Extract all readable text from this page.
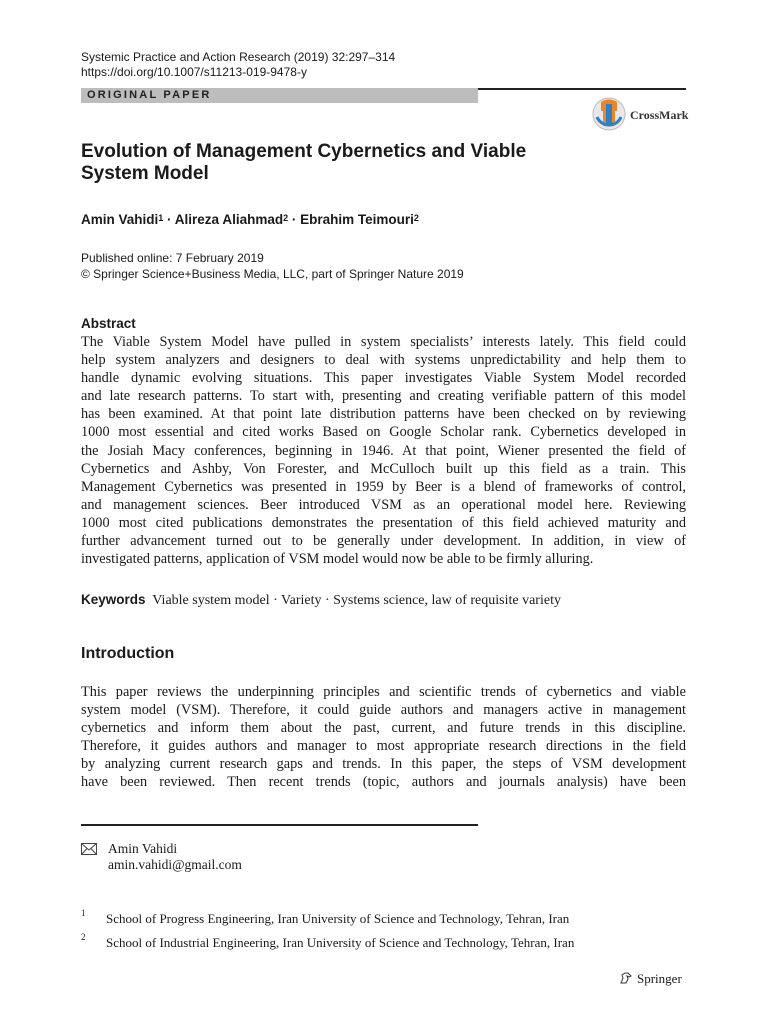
Systemic Practice and Action Research (2019) 32:297–314
https://doi.org/10.1007/s11213-019-9478-y
ORIGINAL PAPER
CrossMark
Evolution of Management Cybernetics and Viable
System Model
Amin Vahidi$^1$ · Alireza Aliahmad$^2$ · Ebrahim Teimouri$^2$
Published online: 7 February 2019
© Springer Science+Business Media, LLC, part of Springer Nature 2019
Abstract
The Viable System Model have pulled in system specialists’ interests lately. This field could
help system analyzers and designers to deal with systems unpredictability and help them to
handle dynamic evolving situations. This paper investigates Viable System Model recorded
and late research patterns. To start with, presenting and creating verifiable pattern of this model
has been examined. At that point late distribution patterns have been checked on by reviewing
1000 most essential and cited works Based on Google Scholar rank. Cybernetics developed in
the Josiah Macy conferences, beginning in 1946. At that point, Wiener presented the field of
Cybernetics and Ashby, Von Forester, and McCulloch built up this field as a train. This
Management Cybernetics was presented in 1959 by Beer is a blend of frameworks of control,
and management sciences. Beer introduced VSM as an operational model here. Reviewing
1000 most cited publications demonstrates the presentation of this field achieved maturity and
further advancement turned out to be generally under development. In addition, in view of
investigated patterns, application of VSM model would now be able to be firmly alluring.
Keywords Viable system model · Variety · Systems science, law of requisite variety
Introduction
This paper reviews the underpinning principles and scientific trends of cybernetics and viable
system model (VSM). Therefore, it could guide authors and managers active in management
cybernetics and inform them about the past, current, and future trends in this discipline.
Therefore, it guides authors and manager to most appropriate research directions in the field
by analyzing current research gaps and trends. In this paper, the steps of VSM development
have been reviewed. Then recent trends (topic, authors and journals analysis) have been
Amin Vahidi
amin.vahidi@gmail.com
1 School of Progress Engineering, Iran University of Science and Technology, Tehran, Iran
2 School of Industrial Engineering, Iran University of Science and Technology, Tehran, Iran
Springer
